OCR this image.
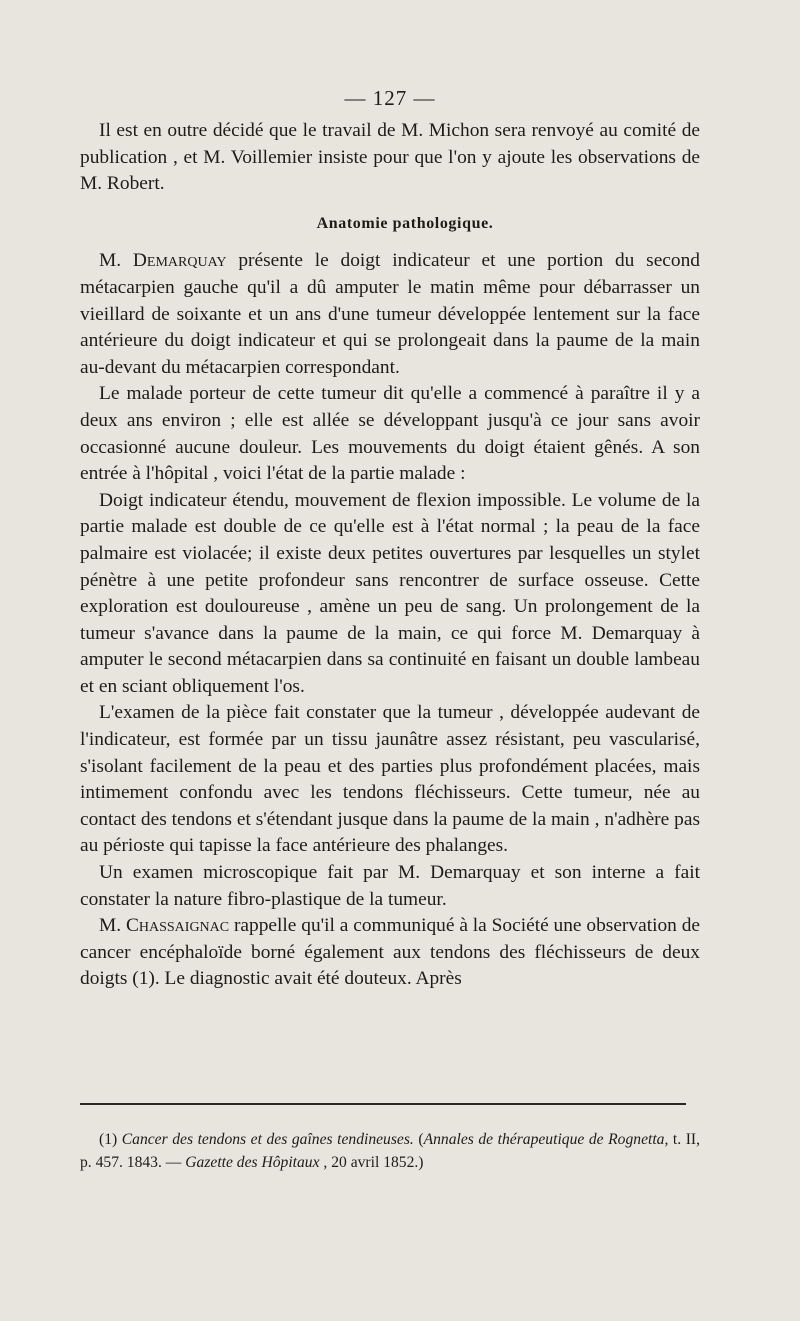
— 127 —

Il est en outre décidé que le travail de M. Michon sera renvoyé au comité de publication , et M. Voillemier insiste pour que l'on y ajoute les observations de M. Robert.

Anatomie pathologique.

M. Demarquay présente le doigt indicateur et une portion du second métacarpien gauche qu'il a dû amputer le matin même pour débarrasser un vieillard de soixante et un ans d'une tumeur développée lentement sur la face antérieure du doigt indicateur et qui se prolongeait dans la paume de la main au-devant du métacarpien correspondant.

Le malade porteur de cette tumeur dit qu'elle a commencé à paraître il y a deux ans environ ; elle est allée se développant jusqu'à ce jour sans avoir occasionné aucune douleur. Les mouvements du doigt étaient gênés. A son entrée à l'hôpital , voici l'état de la partie malade :

Doigt indicateur étendu, mouvement de flexion impossible. Le volume de la partie malade est double de ce qu'elle est à l'état normal ; la peau de la face palmaire est violacée; il existe deux petites ouvertures par lesquelles un stylet pénètre à une petite profondeur sans rencontrer de surface osseuse. Cette exploration est douloureuse , amène un peu de sang. Un prolongement de la tumeur s'avance dans la paume de la main, ce qui force M. Demarquay à amputer le second métacarpien dans sa continuité en faisant un double lambeau et en sciant obliquement l'os.

L'examen de la pièce fait constater que la tumeur , développée audevant de l'indicateur, est formée par un tissu jaunâtre assez résistant, peu vascularisé, s'isolant facilement de la peau et des parties plus profondément placées, mais intimement confondu avec les tendons fléchisseurs. Cette tumeur, née au contact des tendons et s'étendant jusque dans la paume de la main , n'adhère pas au périoste qui tapisse la face antérieure des phalanges.

Un examen microscopique fait par M. Demarquay et son interne a fait constater la nature fibro-plastique de la tumeur.

M. Chassaignac rappelle qu'il a communiqué à la Société une observation de cancer encéphaloïde borné également aux tendons des fléchisseurs de deux doigts (1). Le diagnostic avait été douteux. Après

(1) Cancer des tendons et des gaînes tendineuses. (Annales de thérapeutique de Rognetta, t. II, p. 457. 1843. — Gazette des Hôpitaux , 20 avril 1852.)
